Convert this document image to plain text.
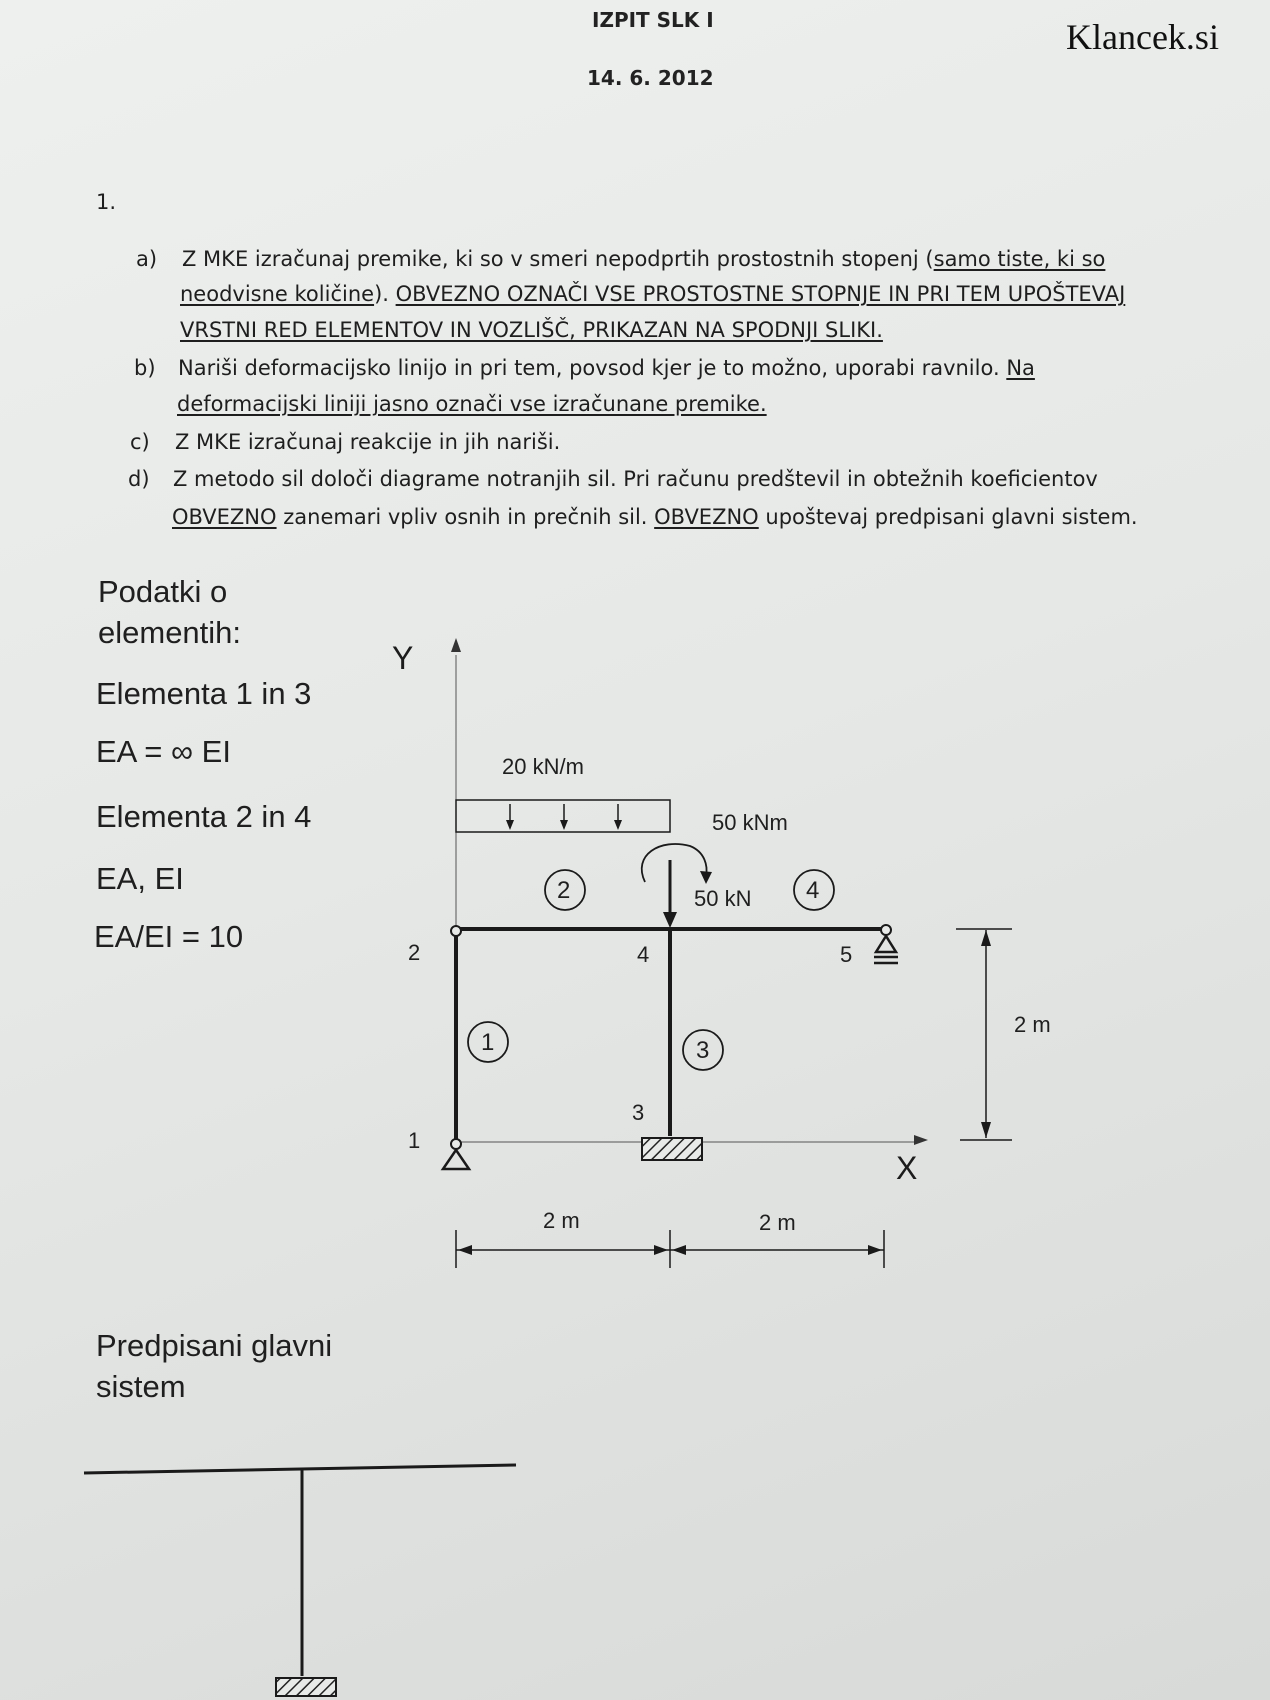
IZPIT SLK I
14. 6. 2012
Klancek.si
1.
a) Z MKE izračunaj premike, ki so v smeri nepodprtih prostostnih stopenj (samo tiste, ki so
neodvisne količine). OBVEZNO OZNAČI VSE PROSTOSTNE STOPNJE IN PRI TEM UPOŠTEVAJ
VRSTNI RED ELEMENTOV IN VOZLIŠČ, PRIKAZAN NA SPODNJI SLIKI.
b) Nariši deformacijsko linijo in pri tem, povsod kjer je to možno, uporabi ravnilo. Na
deformacijski liniji jasno označi vse izračunane premike.
c) Z MKE izračunaj reakcije in jih nariši.
d) Z metodo sil določi diagrame notranjih sil. Pri računu predštevil in obtežnih koeficientov
OBVEZNO zanemari vpliv osnih in prečnih sil. OBVEZNO upoštevaj predpisani glavni sistem.
Podatki o
elementih:
Elementa 1 in 3
EA = ∞ EI
Elementa 2 in 4
EA, EI
EA/EI = 10
Predpisani glavni
sistem
Y
X
20 kN/m
50 kNm
50 kN
2	4	5
3
1
2	4
1	3
2 m
2 m	2 m
